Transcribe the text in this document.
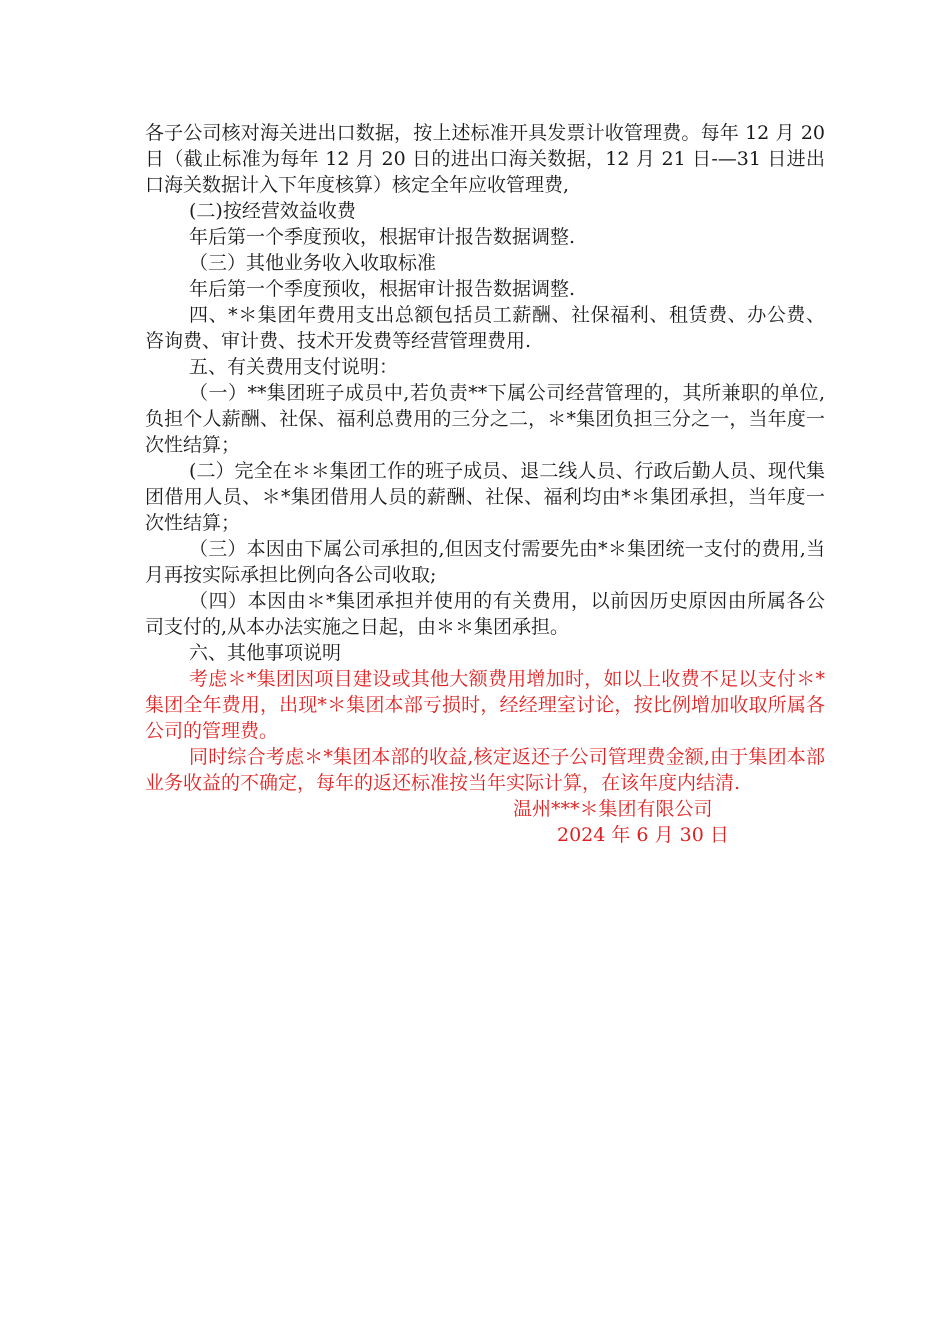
各子公司核对海关进出口数据，按上述标准开具发票计收管理费。每年 12 月 20 日（截止标准为每年 12 月 20 日的进出口海关数据，12 月 21 日-—31 日进出口海关数据计入下年度核算）核定全年应收管理费,

(二)按经营效益收费

年后第一个季度预收，根据审计报告数据调整.

（三）其他业务收入收取标准

年后第一个季度预收，根据审计报告数据调整.

四、*＊集团年费用支出总额包括员工薪酬、社保福利、租赁费、办公费、咨询费、审计费、技术开发费等经营管理费用.

五、有关费用支付说明：

（一）**集团班子成员中,若负责**下属公司经营管理的，其所兼职的单位,负担个人薪酬、社保、福利总费用的三分之二，＊*集团负担三分之一，当年度一次性结算；

(二）完全在＊＊集团工作的班子成员、退二线人员、行政后勤人员、现代集团借用人员、＊*集团借用人员的薪酬、社保、福利均由*＊集团承担，当年度一次性结算；

（三）本因由下属公司承担的,但因支付需要先由*＊集团统一支付的费用,当月再按实际承担比例向各公司收取;

（四）本因由＊*集团承担并使用的有关费用，以前因历史原因由所属各公司支付的,从本办法实施之日起，由＊＊集团承担。

六、其他事项说明

考虑＊*集团因项目建设或其他大额费用增加时，如以上收费不足以支付＊*集团全年费用，出现*＊集团本部亏损时，经经理室讨论，按比例增加收取所属各公司的管理费。

同时综合考虑＊*集团本部的收益,核定返还子公司管理费金额,由于集团本部业务收益的不确定，每年的返还标准按当年实际计算，在该年度内结清.

温州***＊集团有限公司

2024 年 6 月 30 日
